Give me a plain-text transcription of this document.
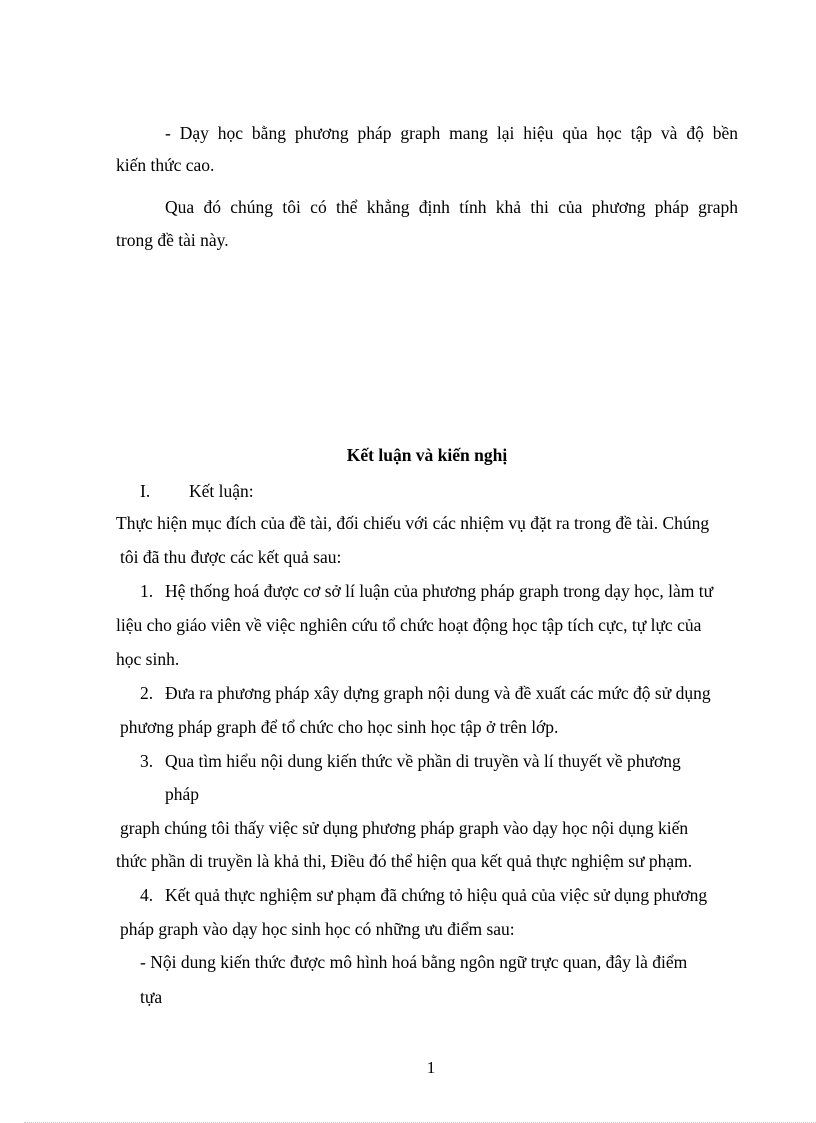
- Dạy học bằng phương pháp graph mang lại hiệu qủa học tập và độ bền
kiến thức cao.
Qua đó chúng tôi có thể khẳng định tính khả thi của phương pháp graph
trong đề tài này.
Kết luận và kiến nghị
I. Kết luận:
Thực hiện mục đích của đề tài, đối chiếu với các nhiệm vụ đặt ra trong đề tài. Chúng
tôi đã thu được các kết quả sau:
1. Hệ thống hoá được cơ sở lí luận của phương pháp graph trong dạy học, làm tư
liệu cho giáo viên về việc nghiên cứu tổ chức hoạt động học tập tích cực, tự lực của
học sinh.
2. Đưa ra phương pháp xây dựng graph nội dung và đề xuất các mức độ sử dụng
phương pháp graph để tổ chức cho học sinh học tập ở trên lớp.
3. Qua tìm hiểu nội dung kiến thức về phần di truyền và lí thuyết về phương
pháp
graph chúng tôi thấy việc sử dụng phương pháp graph vào dạy học nội dụng kiến
thức phần di truyền là khả thi, Điều đó thể hiện qua kết quả thực nghiệm sư phạm.
4. Kết quả thực nghiệm sư phạm đã chứng tỏ hiệu quả của việc sử dụng phương
pháp graph vào dạy học sinh học có những ưu điểm sau:
- Nội dung kiến thức được mô hình hoá bằng ngôn ngữ trực quan, đây là điểm
tựa
1
